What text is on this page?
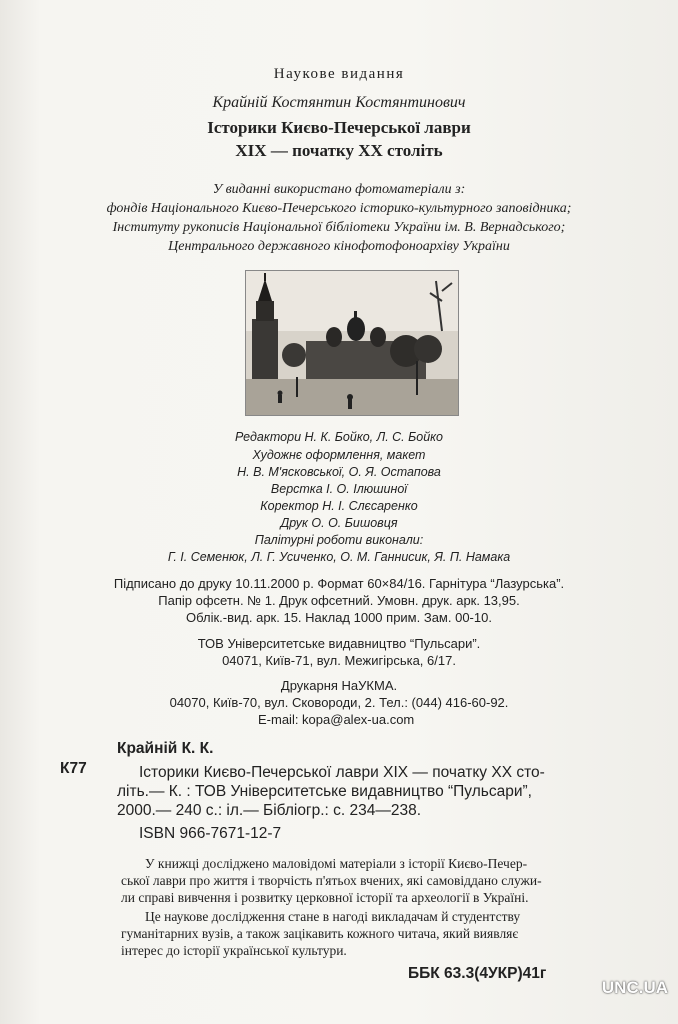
Наукове видання
Крайній Костянтин Костянтинович
Історики Києво-Печерської лаври
XIX — початку XX століть
У виданні використано фотоматеріали з:
фондів Національного Києво-Печерського історико-культурного заповідника;
Інституту рукописів Національної бібліотеки України ім. В. Вернадського;
Центрального державного кінофотофоноархіву України
Редактори Н. К. Бойко, Л. С. Бойко
Художнє оформлення, макет
Н. В. М'ясковської, О. Я. Остапова
Верстка І. О. Ілюшиної
Коректор Н. І. Слєсаренко
Друк О. О. Бишовця
Палітурні роботи виконали:
Г. І. Семенюк, Л. Г. Усиченко, О. М. Ганнисик, Я. П. Намака
Підписано до друку 10.11.2000 р. Формат 60×84/16. Гарнітура “Лазурська”.
Папір офсетн. № 1. Друк офсетний. Умовн. друк. арк. 13,95.
Облік.-вид. арк. 15. Наклад 1000 прим. Зам. 00-10.
ТОВ Університетське видавництво “Пульсари”.
04071, Київ-71, вул. Межигірська, 6/17.
Друкарня НаУКМА.
04070, Київ-70, вул. Сковороди, 2. Тел.: (044) 416-60-92.
E-mail: kopa@alex-ua.com
Крайній К. К.
К77	Історики Києво-Печерської лаври XIX — початку XX сто-
літь.— К. : ТОВ Університетське видавництво “Пульсари”,
2000.— 240 с.: іл.— Бібліогр.: с. 234—238.
ISBN 966-7671-12-7
У книжці досліджено маловідомі матеріали з історії Києво-Печер-
ської лаври про життя і творчість п'ятьох вчених, які самовіддано служи-
ли справі вивчення і розвитку церковної історії та археології в Україні.
Це наукове дослідження стане в нагоді викладачам й студентству
гуманітарних вузів, а також зацікавить кожного читача, який виявляє
інтерес до історії української культури.
ББК 63.3(4УКР)41г
UNC.UA
